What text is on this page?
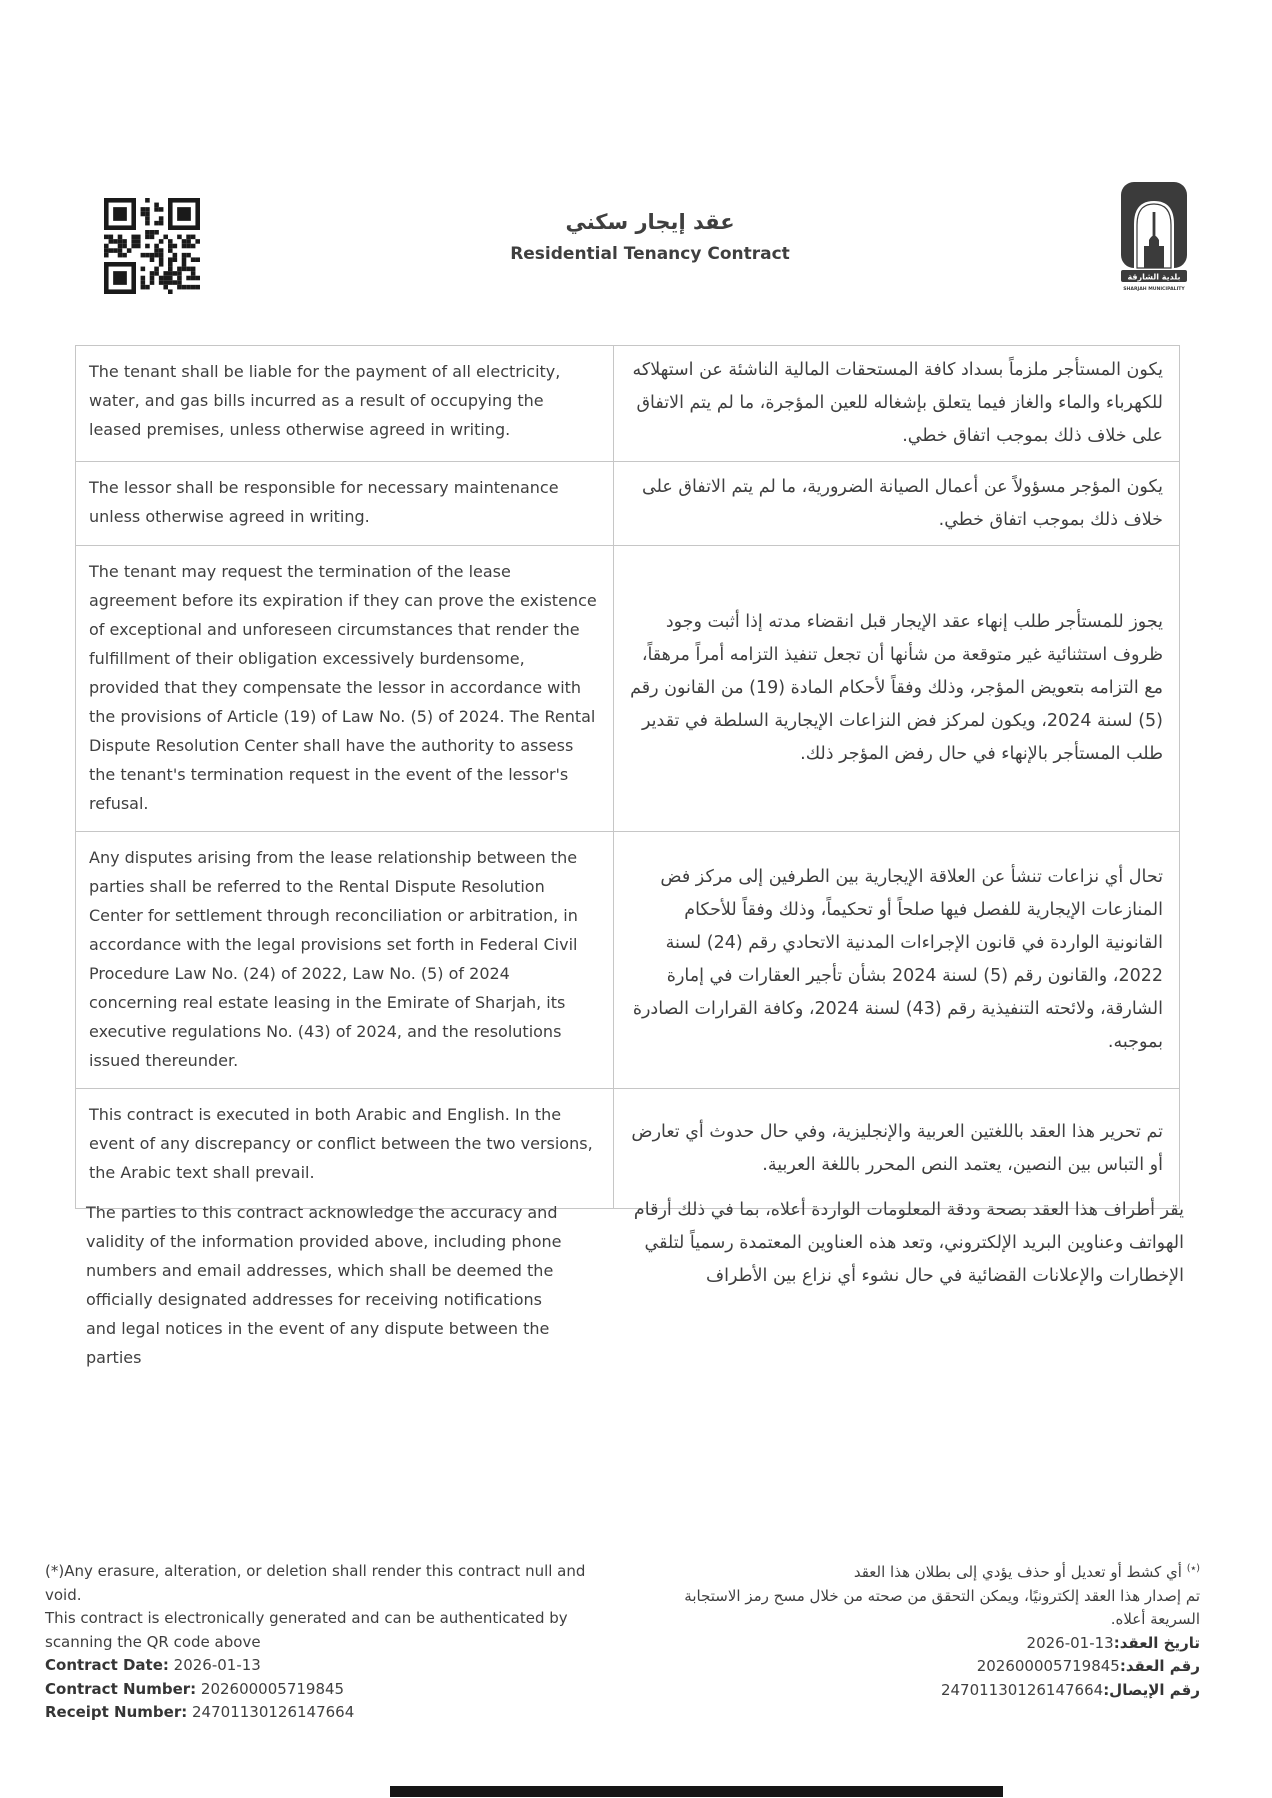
عقد إيجار سكني
Residential Tenancy Contract
بلدية الشارقة
SHARJAH MUNICIPALITY
The tenant shall be liable for the payment of all electricity, water, and gas bills incurred as a result of occupying the leased premises, unless otherwise agreed in writing.	يكون المستأجر ملزماً بسداد كافة المستحقات المالية الناشئة عن استهلاكه للكهرباء والماء والغاز فيما يتعلق بإشغاله للعين المؤجرة، ما لم يتم الاتفاق على خلاف ذلك بموجب اتفاق خطي.
The lessor shall be responsible for necessary maintenance unless otherwise agreed in writing.	يكون المؤجر مسؤولاً عن أعمال الصيانة الضرورية، ما لم يتم الاتفاق على خلاف ذلك بموجب اتفاق خطي.
The tenant may request the termination of the lease agreement before its expiration if they can prove the existence of exceptional and unforeseen circumstances that render the fulfillment of their obligation excessively burdensome, provided that they compensate the lessor in accordance with the provisions of Article (19) of Law No. (5) of 2024. The Rental Dispute Resolution Center shall have the authority to assess the tenant's termination request in the event of the lessor's refusal.	يجوز للمستأجر طلب إنهاء عقد الإيجار قبل انقضاء مدته إذا أثبت وجود ظروف استثنائية غير متوقعة من شأنها أن تجعل تنفيذ التزامه أمراً مرهقاً، مع التزامه بتعويض المؤجر، وذلك وفقاً لأحكام المادة (19) من القانون رقم (5) لسنة 2024، ويكون لمركز فض النزاعات الإيجارية السلطة في تقدير طلب المستأجر بالإنهاء في حال رفض المؤجر ذلك.
Any disputes arising from the lease relationship between the parties shall be referred to the Rental Dispute Resolution Center for settlement through reconciliation or arbitration, in accordance with the legal provisions set forth in Federal Civil Procedure Law No. (24) of 2022, Law No. (5) of 2024 concerning real estate leasing in the Emirate of Sharjah, its executive regulations No. (43) of 2024, and the resolutions issued thereunder.	تحال أي نزاعات تنشأ عن العلاقة الإيجارية بين الطرفين إلى مركز فض المنازعات الإيجارية للفصل فيها صلحاً أو تحكيماً، وذلك وفقاً للأحكام القانونية الواردة في قانون الإجراءات المدنية الاتحادي رقم (24) لسنة 2022، والقانون رقم (5) لسنة 2024 بشأن تأجير العقارات في إمارة الشارقة، ولائحته التنفيذية رقم (43) لسنة 2024، وكافة القرارات الصادرة بموجبه.
This contract is executed in both Arabic and English. In the event of any discrepancy or conflict between the two versions, the Arabic text shall prevail.	تم تحرير هذا العقد باللغتين العربية والإنجليزية، وفي حال حدوث أي تعارض أو التباس بين النصين، يعتمد النص المحرر باللغة العربية.
The parties to this contract acknowledge the accuracy and validity of the information provided above, including phone numbers and email addresses, which shall be deemed the officially designated addresses for receiving notifications and legal notices in the event of any dispute between the parties
يقر أطراف هذا العقد بصحة ودقة المعلومات الواردة أعلاه، بما في ذلك أرقام الهواتف وعناوين البريد الإلكتروني، وتعد هذه العناوين المعتمدة رسمياً لتلقي الإخطارات والإعلانات القضائية في حال نشوء أي نزاع بين الأطراف

(*)Any erasure, alteration, or deletion shall render this contract null and void.

This contract is electronically generated and can be authenticated by scanning the QR code above

Contract Date: 2026-01-13

Contract Number: 202600005719845

Receipt Number: 24701130126147664

(٭) أي كشط أو تعديل أو حذف يؤدي إلى بطلان هذا العقد

تم إصدار هذا العقد إلكترونيًا، ويمكن التحقق من صحته من خلال مسح رمز الاستجابة السريعة أعلاه.

تاريخ العقد:2026-01-13

رقم العقد:202600005719845

رقم الإيصال:24701130126147664
